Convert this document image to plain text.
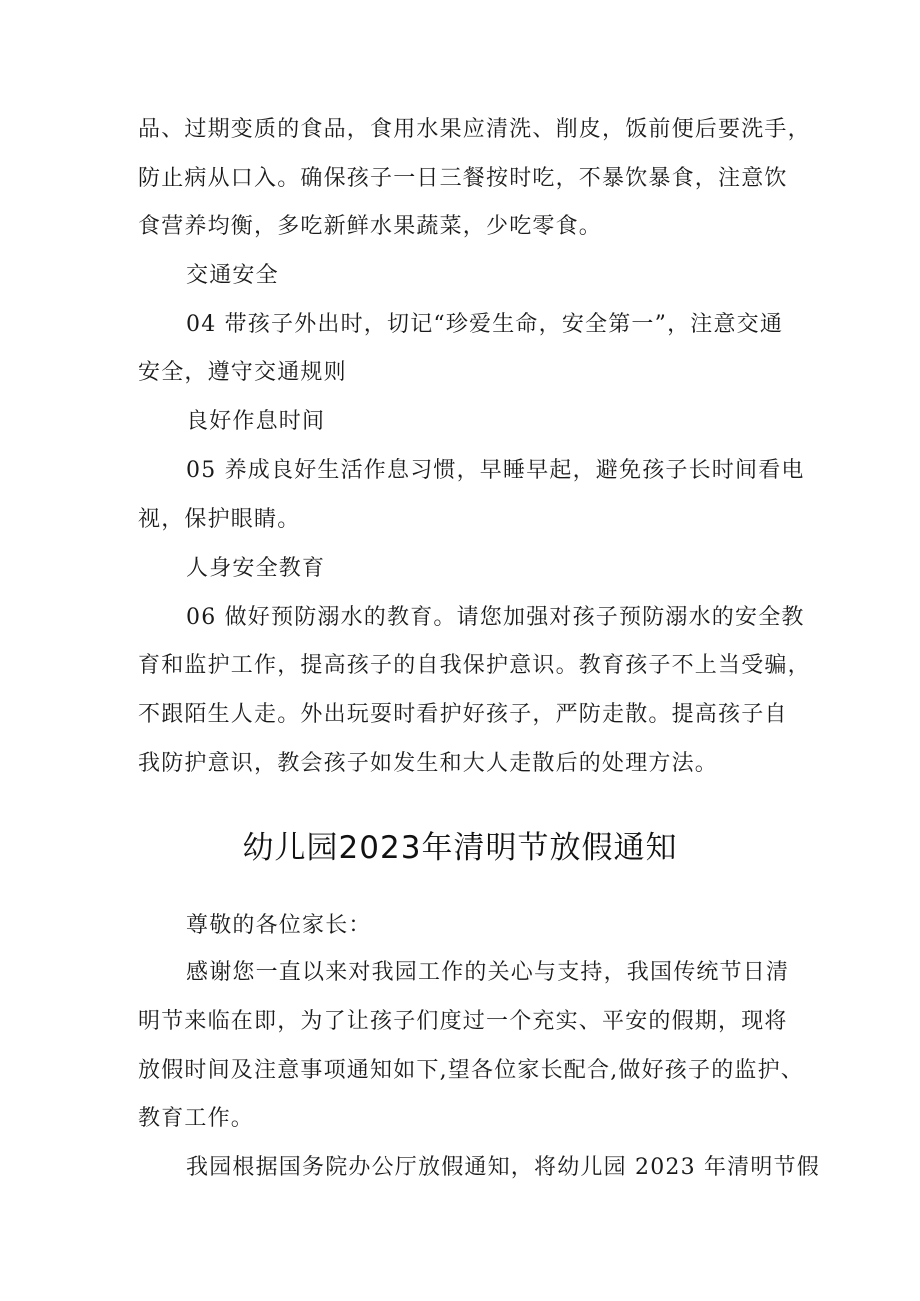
品、过期变质的食品，食用水果应清洗、削皮，饭前便后要洗手，
防止病从口入。确保孩子一日三餐按时吃，不暴饮暴食，注意饮
食营养均衡，多吃新鲜水果蔬菜，少吃零食。
交通安全
04 带孩子外出时，切记“珍爱生命，安全第一”，注意交通
安全，遵守交通规则
良好作息时间
05 养成良好生活作息习惯，早睡早起，避免孩子长时间看电
视，保护眼睛。
人身安全教育
06 做好预防溺水的教育。请您加强对孩子预防溺水的安全教
育和监护工作，提高孩子的自我保护意识。教育孩子不上当受骗，
不跟陌生人走。外出玩耍时看护好孩子，严防走散。提高孩子自
我防护意识，教会孩子如发生和大人走散后的处理方法。
幼儿园2023年清明节放假通知
尊敬的各位家长：
感谢您一直以来对我园工作的关心与支持，我国传统节日清
明节来临在即，为了让孩子们度过一个充实、平安的假期，现将
放假时间及注意事项通知如下,望各位家长配合,做好孩子的监护、
教育工作。
我园根据国务院办公厅放假通知，将幼儿园 2023 年清明节假
